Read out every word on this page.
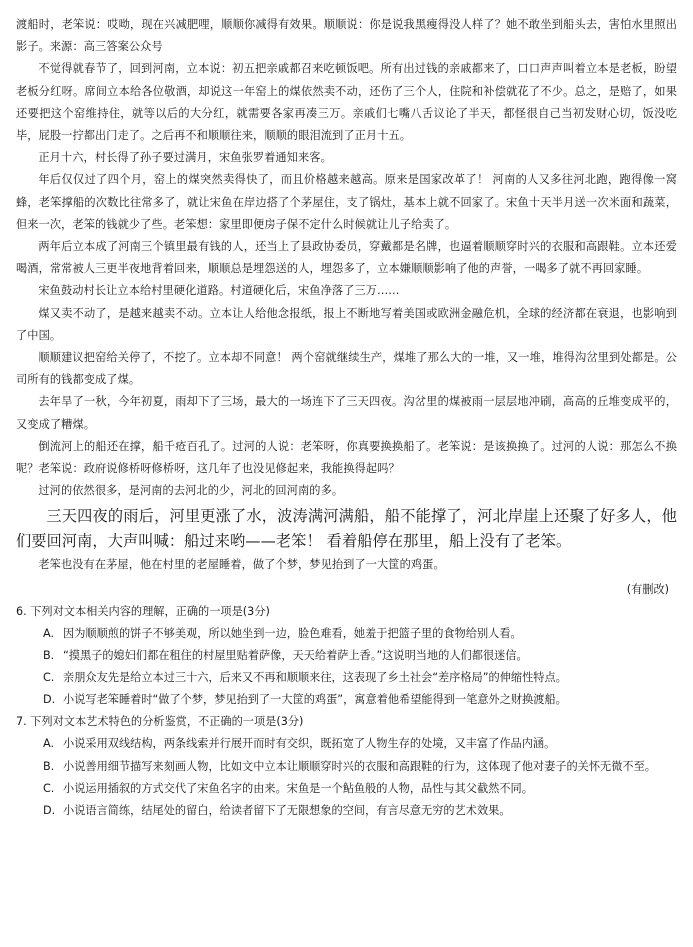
渡船时，老笨说：哎呦，现在兴减肥哩，顺顺你减得有效果。顺顺说：你是说我黑瘦得没人样了？她不敢坐到船头去，害怕水里照出影子。来源：高三答案公众号

不觉得就春节了，回到河南，立本说：初五把亲戚都召来吃顿饭吧。所有出过钱的亲戚都来了，口口声声叫着立本是老板，盼望老板分红呀。席间立本给各位敬酒，却说这一年窑上的煤依然卖不动，还伤了三个人，住院和补偿就花了不少。总之，是赔了，如果还要把这个窑维持住，就等以后的大分红，就需要各家再凑三万。亲戚们七嘴八舌议论了半天，都怪很自己当初发财心切，饭没吃毕，屁股一拧都出门走了。之后再不和顺顺往来，顺顺的眼泪流到了正月十五。

正月十六，村长得了孙子要过满月，宋鱼张罗着通知来客。

年后仅仅过了四个月，窑上的煤突然卖得快了，而且价格越来越高。原来是国家改革了！ 河南的人又多往河北跑，跑得像一窝蜂，老笨撑船的次数比往常多了，就让宋鱼在岸边搭了个茅屋住，支了锅灶，基本上就不回家了。宋鱼十天半月送一次米面和蔬菜，但来一次，老笨的钱就少了些。老笨想：家里即便房子保不定什么时候就让儿子给卖了。

两年后立本成了河南三个镇里最有钱的人，还当上了县政协委员，穿戴都是名牌，也逼着顺顺穿时兴的衣服和高跟鞋。立本还爱喝酒，常常被人三更半夜地背着回来，顺顺总是埋怨送的人，埋怨多了，立本嫌顺顺影响了他的声誉，一喝多了就不再回家睡。

宋鱼鼓动村长让立本给村里硬化道路。村道硬化后，宋鱼净落了三万……

煤又卖不动了，是越来越卖不动。立本让人给他念报纸，报上不断地写着美国或欧洲金融危机，全球的经济都在衰退，也影响到了中国。

顺顺建议把窑给关停了，不挖了。立本却不同意！ 两个窑就继续生产，煤堆了那么大的一堆，又一堆，堆得沟岔里到处都是。公司所有的钱都变成了煤。

去年旱了一秋，今年初夏，雨却下了三场，最大的一场连下了三天四夜。沟岔里的煤被雨一层层地冲刷，高高的丘堆变成平的，又变成了糟煤。

倒流河上的船还在撑，船千疮百孔了。过河的人说：老笨呀，你真要换换船了。老笨说：是该换换了。过河的人说：那怎么不换呢？老笨说：政府说修桥呀修桥呀，这几年了也没见修起来，我能换得起吗？

过河的依然很多，是河南的去河北的少，河北的回河南的多。

三天四夜的雨后，河里更涨了水，波涛满河满船，船不能撑了，河北岸崖上还聚了好多人，他们要回河南，大声叫喊：船过来哟——老笨！ 看着船停在那里，船上没有了老笨。

老笨也没有在茅屋，他在村里的老屋睡着，做了个梦，梦见抬到了一大筐的鸡蛋。

(有删改)

6. 下列对文本相关内容的理解，正确的一项是(3分)

A. 因为顺顺煎的饼子不够美观，所以她坐到一边，脸色难看，她羞于把篮子里的食物给别人看。
B. “摸黑子的媳妇们都在租住的村屋里贴着萨像，天天给着萨上香。”这说明当地的人们都很迷信。
C. 亲朋众友先是给立本过三十六，后来又不再和顺顺来往，这表现了乡土社会“差序格局”的伸缩性特点。
D. 小说写老笨睡着时“做了个梦，梦见抬到了一大筐的鸡蛋”，寓意着他希望能得到一笔意外之财换渡船。

7. 下列对文本艺术特色的分析鉴赏，不正确的一项是(3分)

A. 小说采用双线结构，两条线索并行展开而时有交织，既拓宽了人物生存的处境，又丰富了作品内涵。
B. 小说善用细节描写来刻画人物，比如文中立本让顺顺穿时兴的衣服和高跟鞋的行为，这体现了他对妻子的关怀无微不至。
C. 小说运用插叙的方式交代了宋鱼名字的由来。宋鱼是一个鲇鱼般的人物，品性与其父截然不同。
D. 小说语言简练，结尾处的留白，给读者留下了无限想象的空间，有言尽意无穷的艺术效果。
